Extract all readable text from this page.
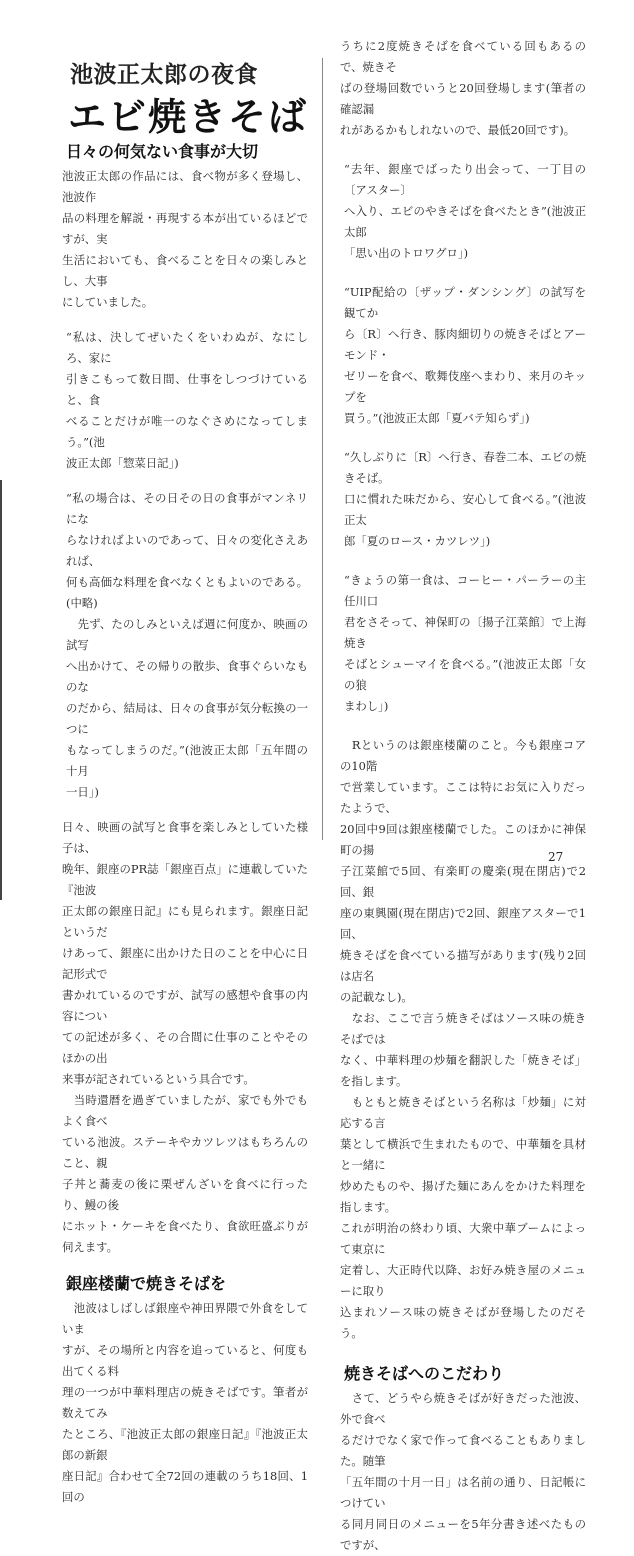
池波正太郎の夜食
エビ焼きそば
日々の何気ない食事が大切

池波正太郎の作品には、食べ物が多く登場し、池波作
品の料理を解説・再現する本が出ているほどですが、実
生活においても、食べることを日々の楽しみとし、大事
にしていました。

“私は、決してぜいたくをいわぬが、なにしろ、家に
引きこもって数日間、仕事をしつづけていると、食
べることだけが唯一のなぐさめになってしまう。”(池
波正太郎「惣菜日記」)

“私の場合は、その日その日の食事がマンネリにな
らなければよいのであって、日々の変化さえあれば、
何も高価な料理を食べなくともよいのである。(中略)
　先ず、たのしみといえば週に何度か、映画の試写
へ出かけて、その帰りの散歩、食事ぐらいなものな
のだから、結局は、日々の食事が気分転換の一つに
もなってしまうのだ。”(池波正太郎「五年間の十月
一日」)

日々、映画の試写と食事を楽しみとしていた様子は、
晩年、銀座のPR誌「銀座百点」に連載していた『池波
正太郎の銀座日記』にも見られます。銀座日記というだ
けあって、銀座に出かけた日のことを中心に日記形式で
書かれているのですが、試写の感想や食事の内容につい
ての記述が多く、その合間に仕事のことやそのほかの出
来事が記されているという具合です。
　当時還暦を過ぎていましたが、家でも外でもよく食べ
ている池波。ステーキやカツレツはもちろんのこと、親
子丼と蕎麦の後に栗ぜんざいを食べに行ったり、鰻の後
にホット・ケーキを食べたり、食欲旺盛ぶりが伺えます。

銀座楼蘭で焼きそばを

　池波はしばしば銀座や神田界隈で外食をしていま
すが、その場所と内容を追っていると、何度も出てくる料
理の一つが中華料理店の焼きそばです。筆者が数えてみ
たところ、『池波正太郎の銀座日記』『池波正太郎の新銀
座日記』合わせて全72回の連載のうち18回、1回の

うちに2度焼きそばを食べている回もあるので、焼きそ
ばの登場回数でいうと20回登場します(筆者の確認漏
れがあるかもしれないので、最低20回です)。

“去年、銀座でばったり出会って、一丁目の〔アスター〕
へ入り、エビのやきそばを食べたとき”(池波正太郎
「思い出のトロワグロ」)

“UIP配給の〔ザップ・ダンシング〕の試写を観てか
ら〔R〕へ行き、豚肉細切りの焼きそばとアーモンド・
ゼリーを食べ、歌舞伎座へまわり、来月のキップを
買う。”(池波正太郎「夏バテ知らず」)

“久しぶりに〔R〕へ行き、春巻二本、エビの焼きそば。
口に慣れた味だから、安心して食べる。”(池波正太
郎「夏のロース・カツレツ」)

“きょうの第一食は、コーヒー・パーラーの主任川口
君をさそって、神保町の〔揚子江菜館〕で上海焼き
そばとシューマイを食べる。”(池波正太郎「女の狼
まわし」)

　Rというのは銀座楼蘭のこと。今も銀座コアの10階
で営業しています。ここは特にお気に入りだったようで、
20回中9回は銀座楼蘭でした。このほかに神保町の揚
子江菜館で5回、有楽町の慶楽(現在閉店)で2回、銀
座の東興園(現在閉店)で2回、銀座アスターで1回、
焼きそばを食べている描写があります(残り2回は店名
の記載なし)。
　なお、ここで言う焼きそばはソース味の焼きそばでは
なく、中華料理の炒麺を翻訳した「焼きそば」を指します。
　もともと焼きそばという名称は「炒麺」に対応する言
葉として横浜で生まれたもので、中華麺を具材と一緒に
炒めたものや、揚げた麺にあんをかけた料理を指します。
これが明治の終わり頃、大衆中華ブームによって東京に
定着し、大正時代以降、お好み焼き屋のメニューに取り
込まれソース味の焼きそばが登場したのだそう。

焼きそばへのこだわり

　さて、どうやら焼きそばが好きだった池波、外で食べ
るだけでなく家で作って食べることもありました。随筆
「五年間の十月一日」は名前の通り、日記帳につけてい
る同月同日のメニューを5年分書き述べたものですが、

27
